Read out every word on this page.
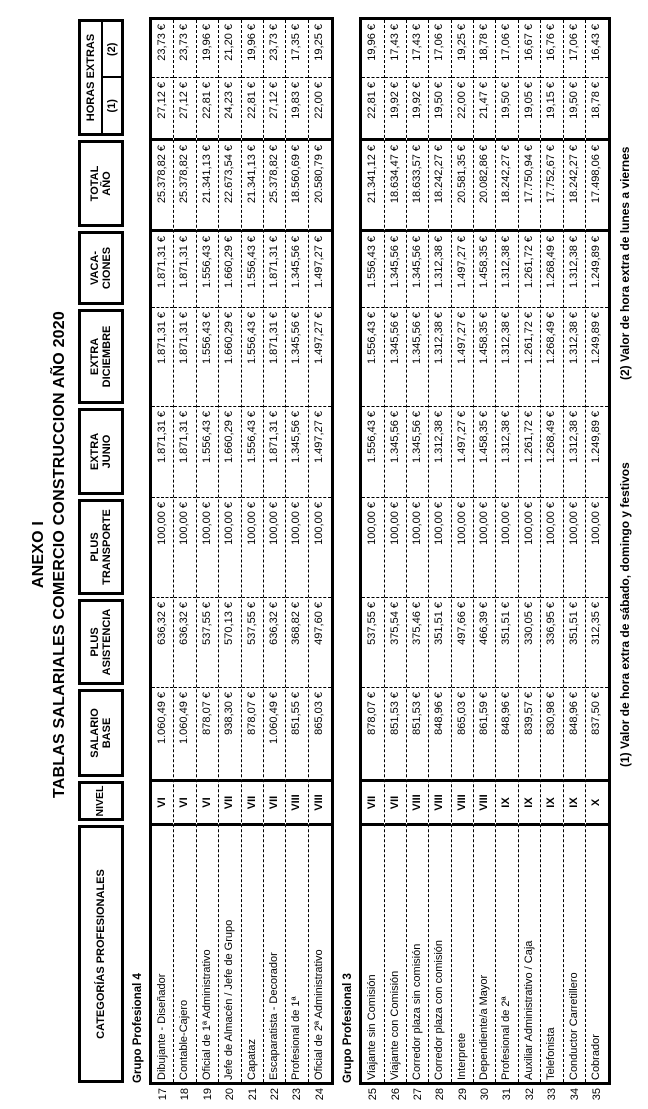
ANEXO I TABLAS SALARIALES COMERCIO CONSTRUCCION AÑO 2020
CATEGORÍAS PROFESIONALES
NIVEL
SALARIO BASE
PLUS ASISTENCIA
PLUS TRANSPORTE
EXTRA JUNIO
EXTRA DICIEMBRE
VACA- CIONES
TOTAL AÑO
HORAS EXTRAS (1)
(2)
Grupo Profesional 4
17 18 19 20 21 22 23 24
Dibujante - Diseñador
VI
1.060,49 €
636,32 €
100,00 €
1.871,31 €
1.871,31 €
1.871,31 €
25.378,82 €
27,12 €
23,73 €
Contable-Cajero
VI
1.060,49 €
636,32 €
100,00 €
1.871,31 €
1.871,31 €
1.871,31 €
25.378,82 €
27,12 €
23,73 €
Oficial de 1ª Administrativo
VI
878,07 €
537,55 €
100,00 €
1.556,43 €
1.556,43 €
1.556,43 €
21.341,13 €
22,81 €
19,96 €
Jefe de Almacén / Jefe de Grupo
VII
938,30 €
570,13 €
100,00 €
1.660,29 €
1.660,29 €
1.660,29 €
22.673,54 €
24,23 €
21,20 €
Capataz
VII
878,07 €
537,55 €
100,00 €
1.556,43 €
1.556,43 €
1.556,43 €
21.341,13 €
22,81 €
19,96 €
Escaparatista - Decorador
VII
1.060,49 €
636,32 €
100,00 €
1.871,31 €
1.871,31 €
1.871,31 €
25.378,82 €
27,12 €
23,73 €
Profesional de 1ª
VIII
851,55 €
368,82 €
100,00 €
1.345,56 €
1.345,56 €
1.345,56 €
18.560,69 €
19,83 €
17,35 €
Oficial de 2ª Administrativo
VIII
865,03 €
497,60 €
100,00 €
1.497,27 €
1.497,27 €
1.497,27 €
20.580,79 €
22,00 €
19,25 €
Grupo Profesional 3
25 26 27 28 29 30 31 32 33 34 35
Viajante sin Comisión
VII
878,07 €
537,55 €
100,00 €
1.556,43 €
1.556,43 €
1.556,43 €
21.341,12 €
22,81 €
19,96 €
Viajante con Comisión
VII
851,53 €
375,54 €
100,00 €
1.345,56 €
1.345,56 €
1.345,56 €
18.634,47 €
19,92 €
17,43 €
Corredor plaza sin comisión
VIII
851,53 €
375,46 €
100,00 €
1.345,56 €
1.345,56 €
1.345,56 €
18.633,57 €
19,92 €
17,43 €
Corredor plaza con comisión
VIII
848,96 €
351,51 €
100,00 €
1.312,38 €
1.312,38 €
1.312,38 €
18.242,27 €
19,50 €
17,06 €
Interprete
VIII
865,03 €
497,66 €
100,00 €
1.497,27 €
1.497,27 €
1.497,27 €
20.581,35 €
22,00 €
19,25 €
Dependiente/a Mayor
VIII
861,59 €
466,39 €
100,00 €
1.458,35 €
1.458,35 €
1.458,35 €
20.082,86 €
21,47 €
18,78 €
Profesional de 2ª
IX
848,96 €
351,51 €
100,00 €
1.312,38 €
1.312,38 €
1.312,38 €
18.242,27 €
19,50 €
17,06 €
Auxiliar Administrativo / Caja
IX
839,57 €
330,05 €
100,00 €
1.261,72 €
1.261,72 €
1.261,72 €
17.750,94 €
19,05 €
16,67 €
Telefonista
IX
830,98 €
336,95 €
100,00 €
1.268,49 €
1.268,49 €
1.268,49 €
17.752,67 €
19,15 €
16,76 €
Conductor Carretillero
IX
848,96 €
351,51 €
100,00 €
1.312,38 €
1.312,38 €
1.312,38 €
18.242,27 €
19,50 €
17,06 €
Cobrador
X
837,50 €
312,35 €
100,00 €
1.249,89 €
1.249,89 €
1.249,89 €
17.498,06 €
18,78 €
16,43 €
(1) Valor de hora extra de sábado, domingo y festivos
(2) Valor de hora extra de lunes a viernes
